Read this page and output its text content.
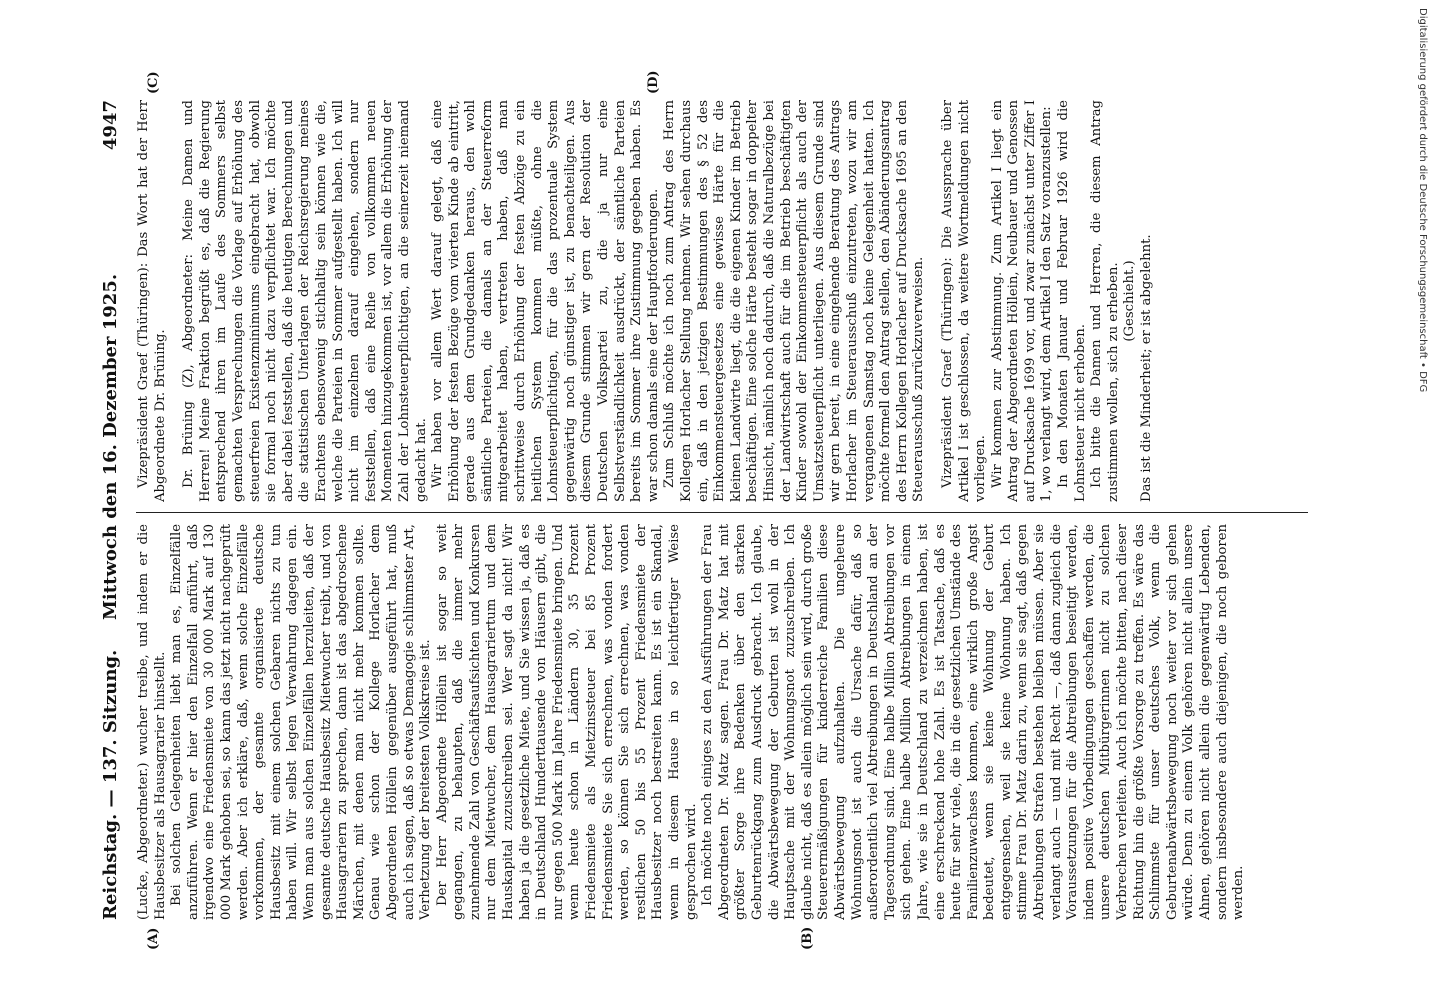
Reichstag. — 137. Sitzung.
Mittwoch den 16. Dezember 1925.
4947
(A)	(B)
(C)	(D)

(Lucke, Abgeordneter.) wucher treibe, und indem er die Hausbesitzer als Hausagrarier hinstellt. Bei solchen Gelegenheiten liebt man es, Einzelfälle anzuführen. Wenn er hier den Einzelfall anführt, daß irgendwo eine Friedensmiete von 30 000 Mark auf 130 000 Mark gehoben sei, so kann das jetzt nicht nachgeprüft werden. Aber ich erkläre, daß, wenn solche Einzelfälle vorkommen, der gesamte organisierte deutsche Hausbesitz mit einem solchen Gebaren nichts zu tun haben will. Wir selbst legen Verwahrung dagegen ein. Wenn man aus solchen Einzelfällen herzuleiten, daß der gesamte deutsche Hausbesitz Mietwucher treibt, und von Hausagrariern zu sprechen, dann ist das abgedroschene Märchen, mit denen man nicht mehr kommen sollte. Genau wie schon der Kollege Horlacher dem Abgeordneten Höllein gegenüber ausgeführt hat, muß auch ich sagen, daß so etwas Demagogie schlimmster Art, Verhetzung der breitesten Volkskreise ist. Der Herr Abgeordnete Höllein ist sogar so weit gegangen, zu behaupten, daß die immer mehr zunehmende Zahl von Geschäftsaufsichten und Konkursen nur dem Mietwucher, dem Hausagrariertum und dem Hauskapital zuzuschreiben sei. Wer sagt da nicht! Wir haben ja die gesetzliche Miete, und Sie wissen ja, daß es in Deutschland Hunderttausende von Häusern gibt, die nur gegen 500 Mark im Jahre Friedensmiete bringen. Und wenn heute schon in Ländern 30, 35 Prozent Friedensmiete als Mietzinssteuer bei 85 Prozent Friedensmiete Sie sich errechnen, was vonden fordert werden, so können Sie sich errechnen, was vonden restlichen 50 bis 55 Prozent Friedensmiete der Hausbesitzer noch bestreiten kann. Es ist ein Skandal, wenn in diesem Hause in so leichtfertiger Weise gesprochen wird. Ich möchte noch einiges zu den Ausführungen der Frau Abgeordneten Dr. Matz sagen. Frau Dr. Matz hat mit größter Sorge ihre Bedenken über den starken Geburtenrückgang zum Ausdruck gebracht. Ich glaube, die Abwärtsbewegung der Geburten ist wohl in der Hauptsache mit der Wohnungsnot zuzuschreiben. Ich glaube nicht, daß es allein möglich sein wird, durch große Steuerermäßigungen für kinderreiche Familien diese Abwärtsbewegung aufzuhalten. Die ungeheure Wohnungsnot ist auch die Ursache dafür, daß so außerordentlich viel Abtreibungen in Deutschland an der Tagesordnung sind. Eine halbe Million Abtreibungen vor sich gehen. Eine halbe Million Abtreibungen in einem Jahre, wie sie in Deutschland zu verzeichnen haben, ist eine erschreckend hohe Zahl. Es ist Tatsache, daß es heute für sehr viele, die in die gesetzlichen Umstände des Familienzuwachses kommen, eine wirklich große Angst bedeutet, wenn sie keine Wohnung der Geburt entgegensehen, weil sie keine Wohnung haben. Ich stimme Frau Dr. Matz darin zu, wenn sie sagt, daß gegen Abtreibungen Strafen bestehen bleiben müssen. Aber sie verlangt auch — und mit Recht —, daß dann zugleich die Voraussetzungen für die Abtreibungen beseitigt werden, indem positive Vorbedingungen geschaffen werden, die unsere deutschen Mitbürgerinnen nicht zu solchen Verbrechen verleiten. Auch ich möchte bitten, nach dieser Richtung hin die größte Vorsorge zu treffen. Es wäre das Schlimmste für unser deutsches Volk, wenn die Geburtenabwärtsbewegung noch weiter vor sich gehen würde. Denn zu einem Volk gehören nicht allein unsere Ahnen, gehören nicht allein die gegenwärtig Lebenden, sondern insbesondere auch diejenigen, die noch geboren werden.

Vizepräsident Graef (Thüringen): Das Wort hat der Herr Abgeordnete Dr. Brüning. Dr. Brüning (Z), Abgeordneter: Meine Damen und Herren! Meine Fraktion begrüßt es, daß die Regierung entsprechend ihren im Laufe des Sommers selbst gemachten Versprechungen die Vorlage auf Erhöhung des steuerfreien Existenzminimums eingebracht hat, obwohl sie formal noch nicht dazu verpflichtet war. Ich möchte aber dabei feststellen, daß die heutigen Berechnungen und die statistischen Unterlagen der Reichsregierung meines Erachtens ebensowenig stichhaltig sein können wie die, welche die Parteien in Sommer aufgestellt haben. Ich will nicht im einzelnen darauf eingehen, sondern nur feststellen, daß eine Reihe von vollkommen neuen Momenten hinzugekommen ist, vor allem die Erhöhung der Zahl der Lohnsteuerpflichtigen, an die seinerzeit niemand gedacht hat. Wir haben vor allem Wert darauf gelegt, daß eine Erhöhung der festen Bezüge vom vierten Kinde ab eintritt, gerade aus dem Grundgedanken heraus, den wohl sämtliche Parteien, die damals an der Steuerreform mitgearbeitet haben, vertreten haben, daß man schrittweise durch Erhöhung der festen Abzüge zu ein heitlichen System kommen müßte, ohne die Lohnsteuerpflichtigen, für die das prozentuale System gegenwärtig noch günstiger ist, zu benachteiligen. Aus diesem Grunde stimmen wir gern der Resolution der Deutschen Volkspartei zu, die ja nur eine Selbstverständlichkeit ausdrückt, der sämtliche Parteien bereits im Sommer ihre Zustimmung gegeben haben. Es war schon damals eine der Hauptforderungen. Zum Schluß möchte ich noch zum Antrag des Herrn Kollegen Horlacher Stellung nehmen. Wir sehen durchaus ein, daß in den jetzigen Bestimmungen des § 52 des Einkommensteuergesetzes eine gewisse Härte für die kleinen Landwirte liegt, die die eigenen Kinder im Betrieb beschäftigen. Eine solche Härte besteht sogar in doppelter Hinsicht, nämlich noch dadurch, daß die Naturalbezüge bei der Landwirtschaft auch für die im Betrieb beschäftigten Kinder sowohl der Einkommensteuerpflicht als auch der Umsatzsteuerpflicht unterliegen. Aus diesem Grunde sind wir gern bereit, in eine eingehende Beratung des Antrags Horlacher im Steuerausschuß einzutreten, wozu wir am vergangenen Samstag noch keine Gelegenheit hatten. Ich möchte formell den Antrag stellen, den Abänderungsantrag des Herrn Kollegen Horlacher auf Drucksache 1695 an den Steuerausschuß zurückzuverweisen. Vizepräsident Graef (Thüringen): Die Aussprache über Artikel I ist geschlossen, da weitere Wortmeldungen nicht vorliegen. Wir kommen zur Abstimmung. Zum Artikel I liegt ein Antrag der Abgeordneten Höllein, Neubauer und Genossen auf Drucksache 1699 vor, und zwar zunächst unter Ziffer I 1, wo verlangt wird, dem Artikel I den Satz voranzustellen: In den Monaten Januar und Februar 1926 wird die Lohnsteuer nicht erhoben. Ich bitte die Damen und Herren, die diesem Antrag zustimmen wollen, sich zu erheben. (Geschieht.) Das ist die Minderheit; er ist abgelehnt.	Digitalisierung gefördert durch die Deutsche Forschungsgemeinschaft • DFG
